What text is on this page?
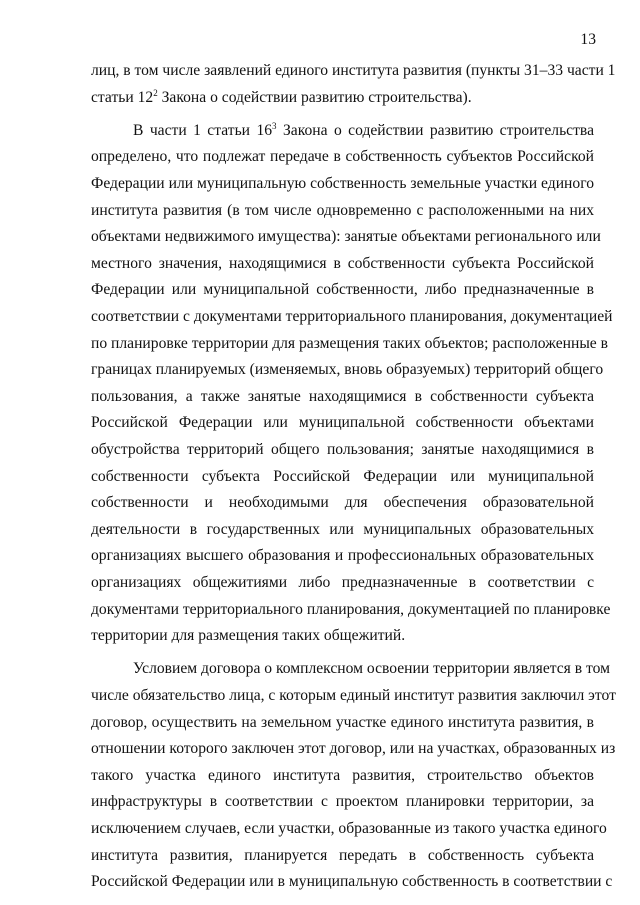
13
лиц, в том числе заявлений единого института развития (пункты 31–33 части 1
статьи $12^2$ Закона о содействии развитию строительства).
В части 1 статьи $16^3$ Закона о содействии развитию строительства
определено, что подлежат передаче в собственность субъектов Российской
Федерации или муниципальную собственность земельные участки единого
института развития (в том числе одновременно с расположенными на них
объектами недвижимого имущества): занятые объектами регионального или
местного значения, находящимися в собственности субъекта Российской
Федерации или муниципальной собственности, либо предназначенные в
соответствии с документами территориального планирования, документацией
по планировке территории для размещения таких объектов; расположенные в
границах планируемых (изменяемых, вновь образуемых) территорий общего
пользования, а также занятые находящимися в собственности субъекта
Российской Федерации или муниципальной собственности объектами
обустройства территорий общего пользования; занятые находящимися в
собственности субъекта Российской Федерации или муниципальной
собственности и необходимыми для обеспечения образовательной
деятельности в государственных или муниципальных образовательных
организациях высшего образования и профессиональных образовательных
организациях общежитиями либо предназначенные в соответствии с
документами территориального планирования, документацией по планировке
территории для размещения таких общежитий.
Условием договора о комплексном освоении территории является в том
числе обязательство лица, с которым единый институт развития заключил этот
договор, осуществить на земельном участке единого института развития, в
отношении которого заключен этот договор, или на участках, образованных из
такого участка единого института развития, строительство объектов
инфраструктуры в соответствии с проектом планировки территории, за
исключением случаев, если участки, образованные из такого участка единого
института развития, планируется передать в собственность субъекта
Российской Федерации или в муниципальную собственность в соответствии с
